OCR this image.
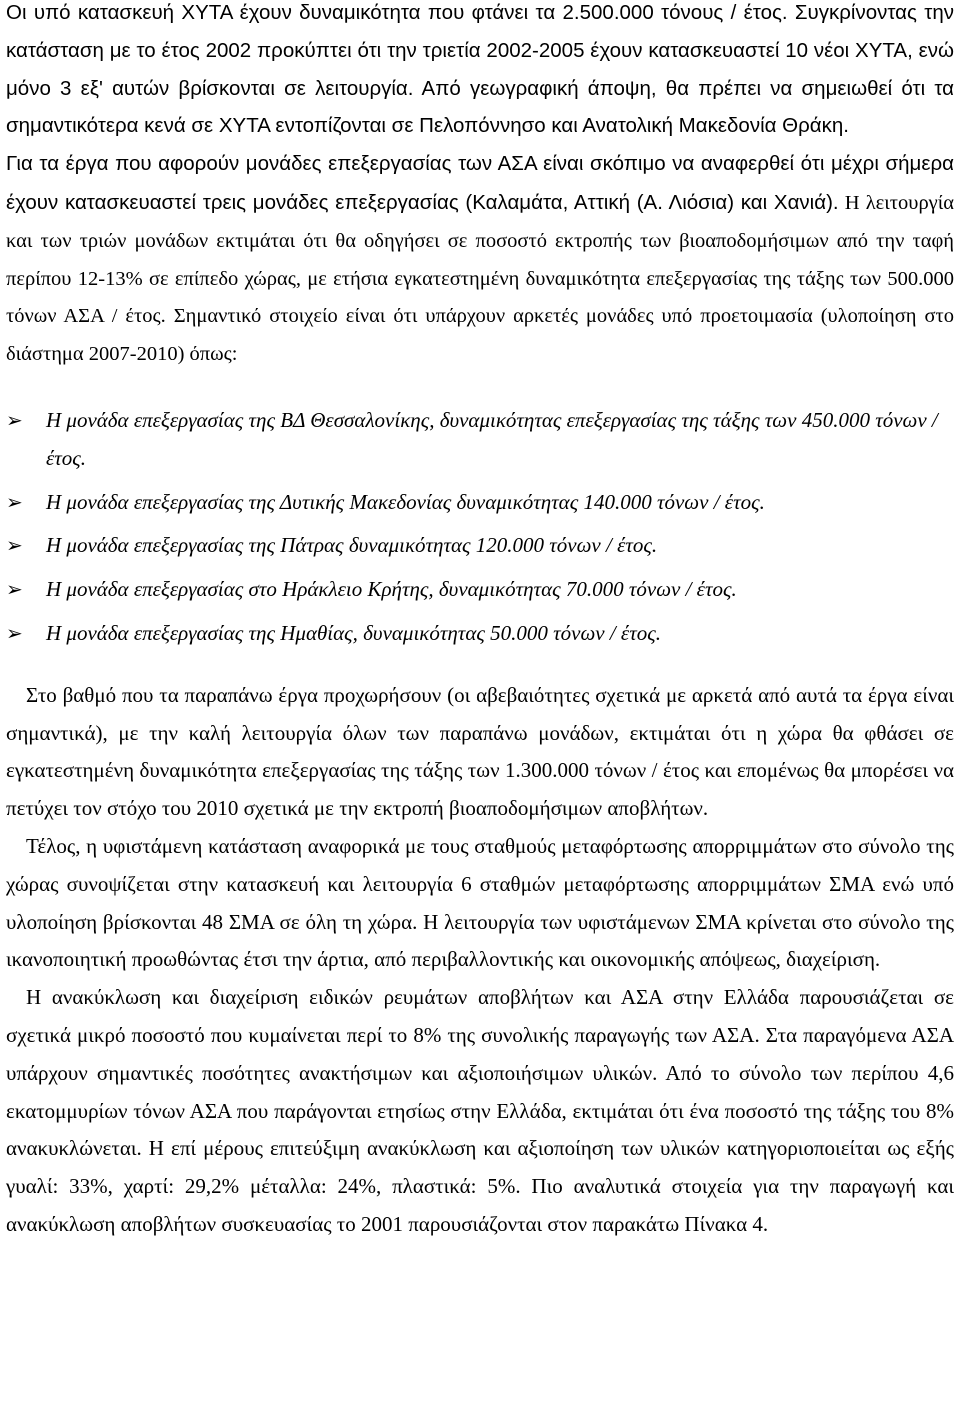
Οι υπό κατασκευή ΧΥΤΑ έχουν δυναμικότητα που φτάνει τα 2.500.000 τόνους / έτος. Συγκρίνοντας την κατάσταση με το έτος 2002 προκύπτει ότι την τριετία 2002-2005 έχουν κατασκευαστεί 10 νέοι ΧΥΤΑ, ενώ μόνο 3 εξ' αυτών βρίσκονται σε λειτουργία. Από γεωγραφική άποψη, θα πρέπει να σημειωθεί ότι τα σημαντικότερα κενά σε ΧΥΤΑ εντοπίζονται σε Πελοπόννησο και Ανατολική Μακεδονία Θράκη.

Για τα έργα που αφορούν μονάδες επεξεργασίας των ΑΣΑ είναι σκόπιμο να αναφερθεί ότι μέχρι σήμερα έχουν κατασκευαστεί τρεις μονάδες επεξεργασίας (Καλαμάτα, Αττική (Α. Λιόσια) και Χανιά). Η λειτουργία και των τριών μονάδων εκτιμάται ότι θα οδηγήσει σε ποσοστό εκτροπής των βιοαποδομήσιμων από την ταφή περίπου 12-13% σε επίπεδο χώρας, με ετήσια εγκατεστημένη δυναμικότητα επεξεργασίας της τάξης των 500.000 τόνων ΑΣΑ / έτος. Σημαντικό στοιχείο είναι ότι υπάρχουν αρκετές μονάδες υπό προετοιμασία (υλοποίηση στο διάστημα 2007-2010) όπως:

➢ Η μονάδα επεξεργασίας της ΒΔ Θεσσαλονίκης, δυναμικότητας επεξεργασίας της τάξης των 450.000 τόνων / έτος.
➢ Η μονάδα επεξεργασίας της Δυτικής Μακεδονίας δυναμικότητας 140.000 τόνων / έτος.
➢ Η μονάδα επεξεργασίας της Πάτρας δυναμικότητας 120.000 τόνων / έτος.
➢ Η μονάδα επεξεργασίας στο Ηράκλειο Κρήτης, δυναμικότητας 70.000 τόνων / έτος.
➢ Η μονάδα επεξεργασίας της Ημαθίας, δυναμικότητας 50.000 τόνων / έτος.

Στο βαθμό που τα παραπάνω έργα προχωρήσουν (οι αβεβαιότητες σχετικά με αρκετά από αυτά τα έργα είναι σημαντικά), με την καλή λειτουργία όλων των παραπάνω μονάδων, εκτιμάται ότι η χώρα θα φθάσει σε εγκατεστημένη δυναμικότητα επεξεργασίας της τάξης των 1.300.000 τόνων / έτος και επομένως θα μπορέσει να πετύχει τον στόχο του 2010 σχετικά με την εκτροπή βιοαποδομήσιμων αποβλήτων.

Τέλος, η υφιστάμενη κατάσταση αναφορικά με τους σταθμούς μεταφόρτωσης απορριμμάτων στο σύνολο της χώρας συνοψίζεται στην κατασκευή και λειτουργία 6 σταθμών μεταφόρτωσης απορριμμάτων ΣΜΑ ενώ υπό υλοποίηση βρίσκονται 48 ΣΜΑ σε όλη τη χώρα. Η λειτουργία των υφιστάμενων ΣΜΑ κρίνεται στο σύνολο της ικανοποιητική προωθώντας έτσι την άρτια, από περιβαλλοντικής και οικονομικής απόψεως, διαχείριση.

Η ανακύκλωση και διαχείριση ειδικών ρευμάτων αποβλήτων και ΑΣΑ στην Ελλάδα παρουσιάζεται σε σχετικά μικρό ποσοστό που κυμαίνεται περί το 8% της συνολικής παραγωγής των ΑΣΑ. Στα παραγόμενα ΑΣΑ υπάρχουν σημαντικές ποσότητες ανακτήσιμων και αξιοποιήσιμων υλικών. Από το σύνολο των περίπου 4,6 εκατομμυρίων τόνων ΑΣΑ που παράγονται ετησίως στην Ελλάδα, εκτιμάται ότι ένα ποσοστό της τάξης του 8% ανακυκλώνεται. Η επί μέρους επιτεύξιμη ανακύκλωση και αξιοποίηση των υλικών κατηγοριοποιείται ως εξής γυαλί: 33%, χαρτί: 29,2% μέταλλα: 24%, πλαστικά: 5%. Πιο αναλυτικά στοιχεία για την παραγωγή και ανακύκλωση αποβλήτων συσκευασίας το 2001 παρουσιάζονται στον παρακάτω Πίνακα 4.
